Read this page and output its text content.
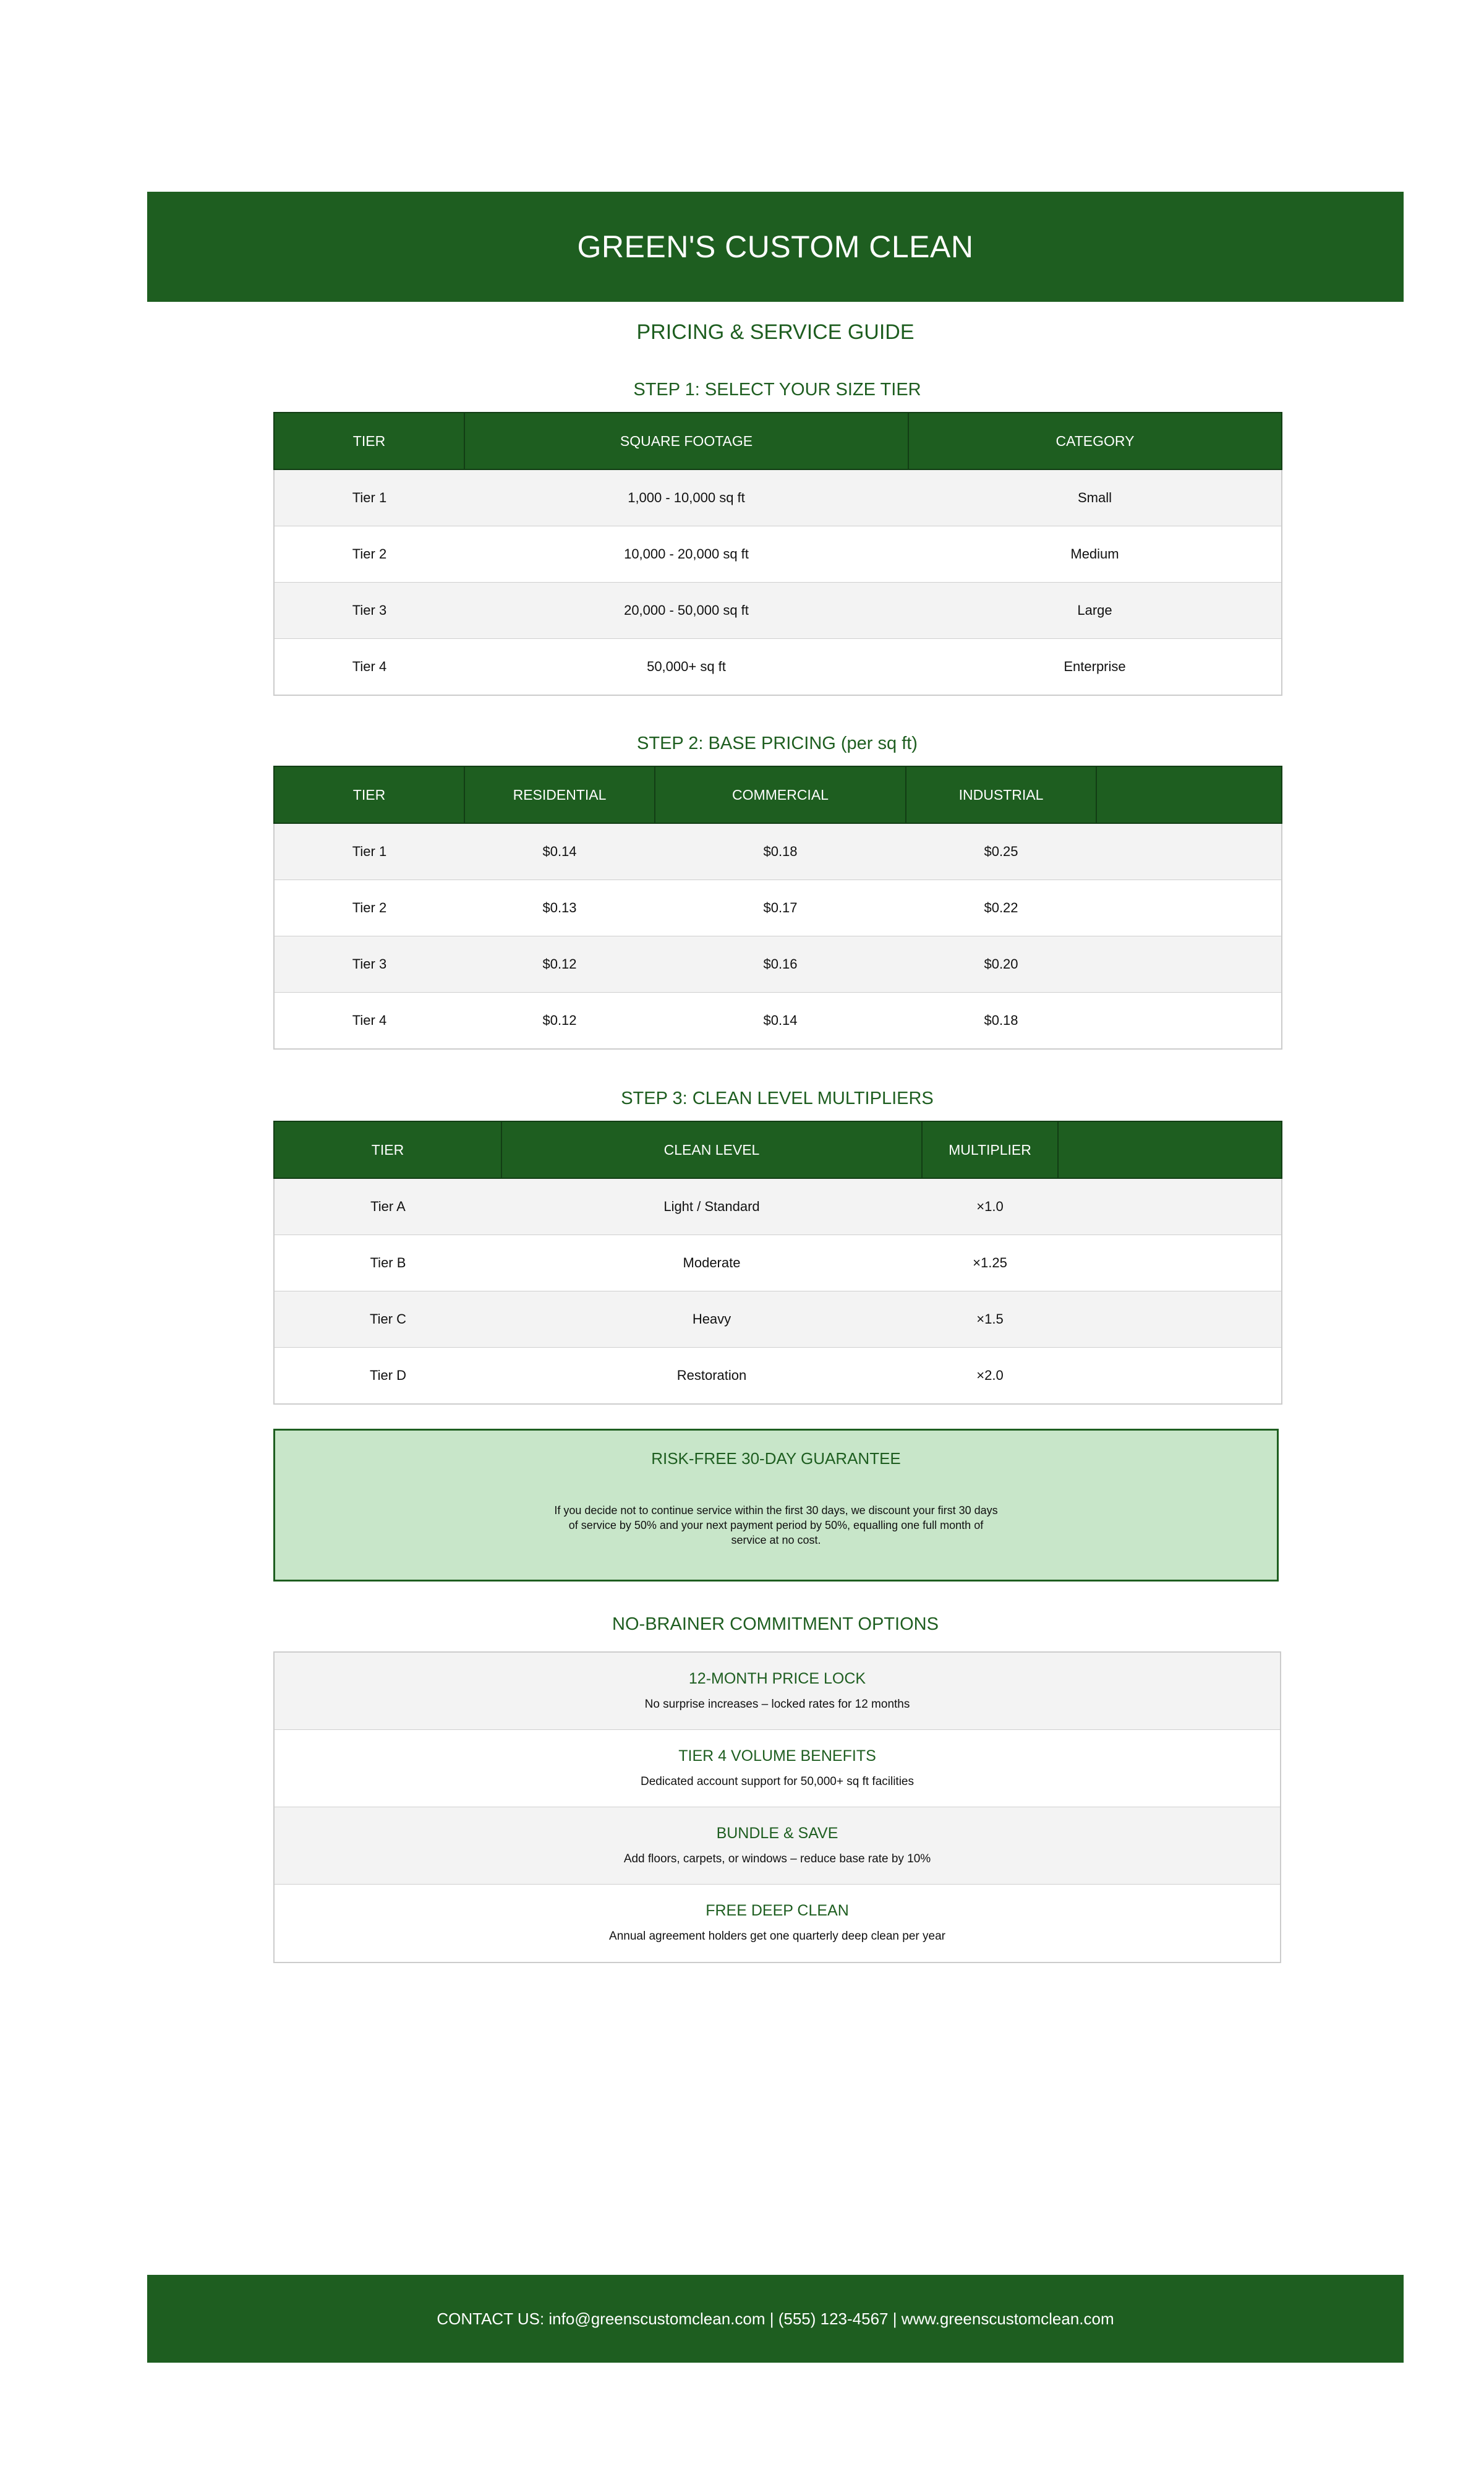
GREEN'S CUSTOM CLEAN
PRICING & SERVICE GUIDE
STEP 1: SELECT YOUR SIZE TIER
TIER	SQUARE FOOTAGE	CATEGORY
Tier 1	1,000 - 10,000 sq ft	Small
Tier 2	10,000 - 20,000 sq ft	Medium
Tier 3	20,000 - 50,000 sq ft	Large
Tier 4	50,000+ sq ft	Enterprise
STEP 2: BASE PRICING (per sq ft)
TIER	RESIDENTIAL	COMMERCIAL	INDUSTRIAL	
Tier 1	$0.14	$0.18	$0.25	
Tier 2	$0.13	$0.17	$0.22	
Tier 3	$0.12	$0.16	$0.20	
Tier 4	$0.12	$0.14	$0.18	
STEP 3: CLEAN LEVEL MULTIPLIERS
TIER	CLEAN LEVEL	MULTIPLIER	
Tier A	Light / Standard	×1.0	
Tier B	Moderate	×1.25	
Tier C	Heavy	×1.5	
Tier D	Restoration	×2.0	
RISK-FREE 30-DAY GUARANTEE
If you decide not to continue service within the first 30 days, we discount your first 30 days of service by 50% and your next payment period by 50%, equalling one full month of service at no cost.
NO-BRAINER COMMITMENT OPTIONS
12-MONTH PRICE LOCK
No surprise increases – locked rates for 12 months
TIER 4 VOLUME BENEFITS
Dedicated account support for 50,000+ sq ft facilities
BUNDLE & SAVE
Add floors, carpets, or windows – reduce base rate by 10%
FREE DEEP CLEAN
Annual agreement holders get one quarterly deep clean per year
CONTACT US: info@greenscustomclean.com | (555) 123-4567 | www.greenscustomclean.com
